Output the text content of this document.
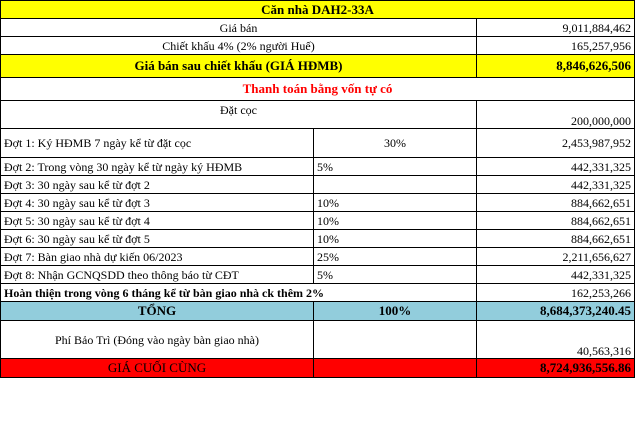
Căn nhà DAH2-33A		
Giá bán		9,011,884,462
Chiết khấu 4% (2% người Huế)		165,257,956
Giá bán sau chiết khấu (GIÁ HĐMB)		8,846,626,506
Thanh toán bằng vốn tự có		
Đặt cọc		200,000,000
Đợt 1: Ký HĐMB 7 ngày kể từ đặt cọc	30%	2,453,987,952
Đợt 2: Trong vòng 30 ngày kể từ ngày ký HĐMB	5%	442,331,325
Đợt 3: 30 ngày sau kể từ đợt 2		442,331,325
Đợt 4: 30 ngày sau kể từ đợt 3	10%	884,662,651
Đợt 5: 30 ngày sau kể từ đợt 4	10%	884,662,651
Đợt 6: 30 ngày sau kể từ đợt 5	10%	884,662,651
Đợt 7: Bàn giao nhà dự kiến 06/2023	25%	2,211,656,627
Đợt 8: Nhận GCNQSDD theo thông báo từ CĐT	5%	442,331,325
Hoàn thiện trong vòng 6 tháng kể từ bàn giao nhà ck thêm 2%		162,253,266
TỔNG	100%	8,684,373,240.45
Phí Bảo Trì (Đóng vào ngày bàn giao nhà)		40,563,316
GIÁ CUỐI CÙNG		8,724,936,556.86
